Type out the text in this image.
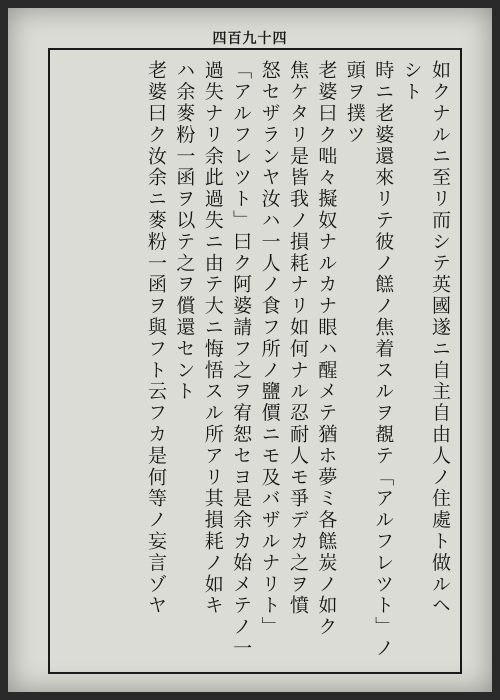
四百九十四
如クナルニ至リ而シテ英國遂ニ自主自由人ノ住處ト做ルヘ
シト
時ニ老婆還來リテ彼ノ餻ノ焦着スルヲ覩テ「アルフレツト」ノ
頭ヲ撲ツ
老婆曰ク咄々擬奴ナルカナ眼ハ醒メテ猶ホ夢ミ各餻炭ノ如ク
焦ケタリ是皆我ノ損耗ナリ如何ナル忍耐人モ爭デカ之ヲ憤
怒セザランヤ汝ハ一人ノ食フ所ノ鹽價ニモ及バザルナリト」
「アルフレツト」曰ク阿婆請フ之ヲ宥恕セヨ是余カ始メテノ一
過失ナリ余此過失ニ由テ大ニ悔悟スル所アリ其損耗ノ如キ
ハ余麥粉一函ヲ以テ之ヲ償還セント
老婆曰ク汝余ニ麥粉一函ヲ與フト云フカ是何等ノ妄言ゾヤ
